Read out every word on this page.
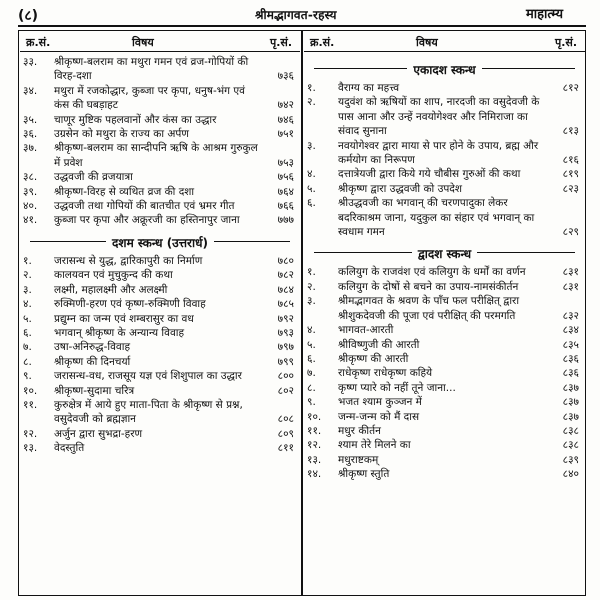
(८)	श्रीमद्भागवत-रहस्य	माहात्म्य
क्र.सं.	विषय	पृ.सं.
३३.	श्रीकृष्ण-बलराम का मथुरा गमन एवं व्रज-गोपियों की विरह-दशा	७३६
३४.	मथुरा में रजकोद्धार, कुब्जा पर कृपा, धनुष-भंग एवं कंस की घबड़ाहट	७४२
३५.	चाणूर मुष्टिक पहलवानों और कंस का उद्धार	७४६
३६.	उग्रसेन को मथुरा के राज्य का अर्पण	७५१
३७.	श्रीकृष्ण-बलराम का सान्दीपनि ऋषि के आश्रम गुरुकुल में प्रवेश	७५३
३८.	उद्धवजी की व्रजयात्रा	७५६
३९.	श्रीकृष्ण-विरह से व्यथित व्रज की दशा	७६४
४०.	उद्धवजी तथा गोपियों की बातचीत एवं भ्रमर गीत	७६६
४१.	कुब्जा पर कृपा और अक्रूरजी का हस्तिनापुर जाना	७७७
दशम स्कन्ध (उत्तरार्ध)
१.	जरासन्ध से युद्ध, द्वारिकापुरी का निर्माण	७८०
२.	कालयवन एवं मुचुकुन्द की कथा	७८२
३.	लक्ष्मी, महालक्ष्मी और अलक्ष्मी	७८४
४.	रुक्मिणी-हरण एवं कृष्ण-रुक्मिणी विवाह	७८५
५.	प्रद्युम्न का जन्म एवं शम्बरासुर का वध	७९२
६.	भगवान् श्रीकृष्ण के अन्यान्य विवाह	७९३
७.	उषा-अनिरुद्ध-विवाह	७९७
८.	श्रीकृष्ण की दिनचर्या	७९९
९.	जरासन्ध-वध, राजसूय यज्ञ एवं शिशुपाल का उद्धार	८००
१०.	श्रीकृष्ण-सुदामा चरित्र	८०२
११.	कुरुक्षेत्र में आये हुए माता-पिता के श्रीकृष्ण से प्रश्न, वसुदेवजी को ब्रह्मज्ञान	८०८
१२.	अर्जुन द्वारा सुभद्रा-हरण	८०९
१३.	वेदस्तुति	८११
क्र.सं.	विषय	पृ.सं.
एकादश स्कन्ध
१.	वैराग्य का महत्त्व	८१२
२.	यदुवंश को ऋषियों का शाप, नारदजी का वसुदेवजी के पास आना और उन्हें नवयोगेश्वर और निमिराजा का संवाद सुनाना	८१३
३.	नवयोगेश्वर द्वारा माया से पार होने के उपाय, ब्रह्म और कर्मयोग का निरूपण	८१६
४.	दत्तात्रेयजी द्वारा किये गये चौबीस गुरुओं की कथा	८१९
५.	श्रीकृष्ण द्वारा उद्धवजी को उपदेश	८२३
६.	श्रीउद्धवजी का भगवान् की चरणपादुका लेकर बदरिकाश्रम जाना, यदुकुल का संहार एवं भगवान् का स्वधाम गमन	८२९
द्वादश स्कन्ध
१.	कलियुग के राजवंश एवं कलियुग के धर्मों का वर्णन	८३१
२.	कलियुग के दोषों से बचने का उपाय-नामसंकीर्तन	८३१
३.	श्रीमद्भागवत के श्रवण के पाँच फल परीक्षित् द्वारा श्रीशुकदेवजी की पूजा एवं परीक्षित् की परमगति	८३२
४.	भागवत-आरती	८३४
५.	श्रीविष्णुजी की आरती	८३५
६.	श्रीकृष्ण की आरती	८३६
७.	राधेकृष्ण राधेकृष्ण कहिये	८३६
८.	कृष्ण प्यारे को नहीं तूने जाना...	८३७
९.	भजत श्याम कुञ्जन में	८३७
१०.	जन्म-जन्म को मैं दास	८३७
११.	मधुर कीर्तन	८३८
१२.	श्याम तेरे मिलने का	८३८
१३.	मधुराष्टकम्	८३९
१४.	श्रीकृष्ण स्तुति	८४०
